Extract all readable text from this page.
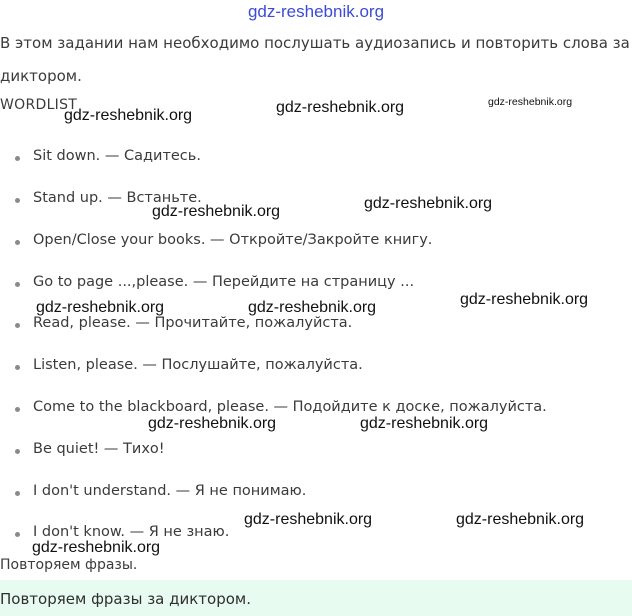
gdz-reshebnik.org
В этом задании нам необходимо послушать аудиозапись и повторить слова за
диктором.
WORDLIST
Sit down. — Садитесь.
Stand up. — Встаньте.
Open/Close your books. — Откройте/Закройте книгу.
Go to page ...,please. — Перейдите на страницу ...
Read, please. — Прочитайте, пожалуйста.
Listen, please. — Послушайте, пожалуйста.
Come to the blackboard, please. — Подойдите к доске, пожалуйста.
Be quiet! — Тихо!
I don't understand. — Я не понимаю.
I don't know. — Я не знаю.
gdz-reshebnik.org	gdz-reshebnik.org	gdz-reshebnik.org
gdz-reshebnik.org	gdz-reshebnik.org
gdz-reshebnik.org	gdz-reshebnik.org	gdz-reshebnik.org
gdz-reshebnik.org	gdz-reshebnik.org
gdz-reshebnik.org	gdz-reshebnik.org
gdz-reshebnik.org
Повторяем фразы.
Повторяем фразы за диктором.
